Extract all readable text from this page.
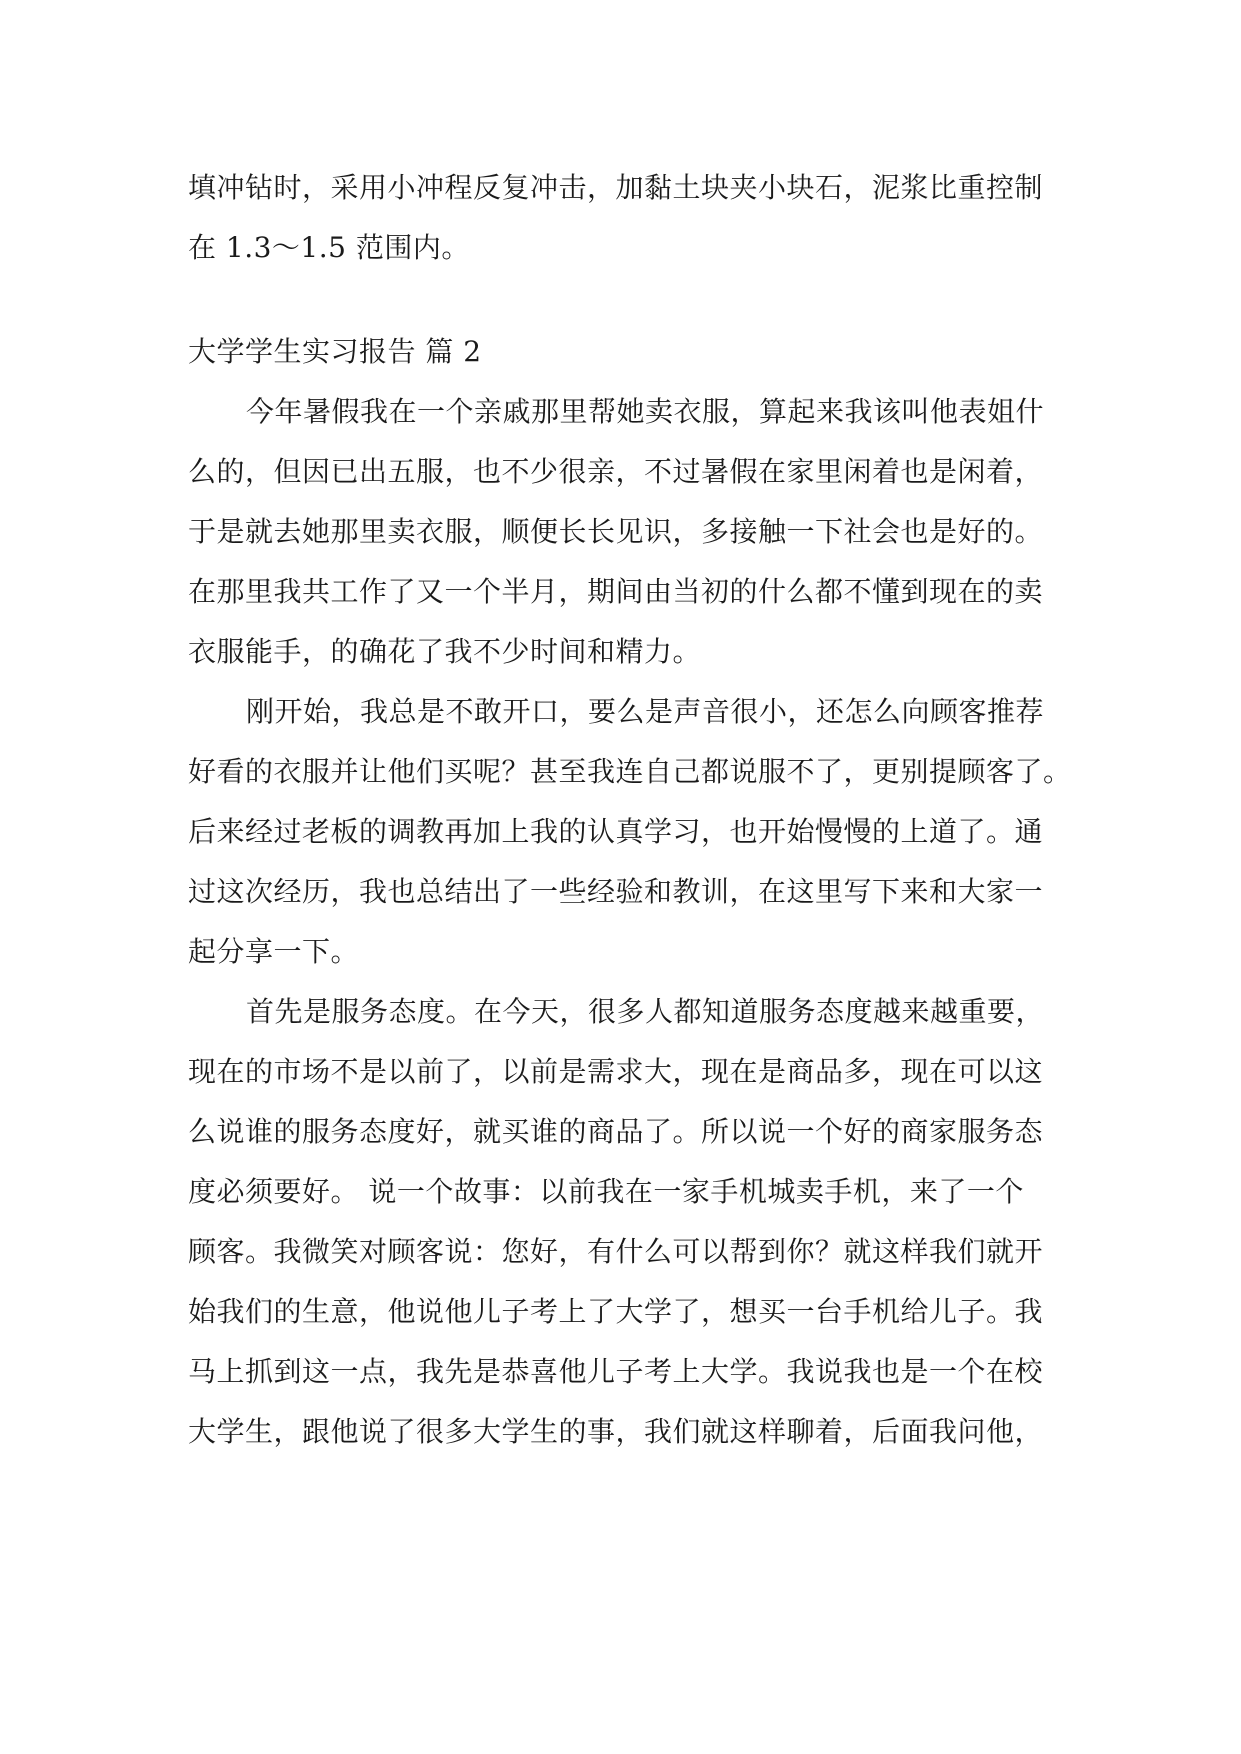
填冲钻时，采用小冲程反复冲击，加黏土块夹小块石，泥浆比重控制
在 1.3～1.5 范围内。
大学学生实习报告 篇 2
今年暑假我在一个亲戚那里帮她卖衣服，算起来我该叫他表姐什
么的，但因已出五服，也不少很亲，不过暑假在家里闲着也是闲着，
于是就去她那里卖衣服，顺便长长见识，多接触一下社会也是好的。
在那里我共工作了又一个半月，期间由当初的什么都不懂到现在的卖
衣服能手，的确花了我不少时间和精力。
刚开始，我总是不敢开口，要么是声音很小，还怎么向顾客推荐
好看的衣服并让他们买呢？甚至我连自己都说服不了，更别提顾客了。
后来经过老板的调教再加上我的认真学习，也开始慢慢的上道了。通
过这次经历，我也总结出了一些经验和教训，在这里写下来和大家一
起分享一下。
首先是服务态度。在今天，很多人都知道服务态度越来越重要，
现在的市场不是以前了，以前是需求大，现在是商品多，现在可以这
么说谁的服务态度好，就买谁的商品了。所以说一个好的商家服务态
度必须要好。 说一个故事：以前我在一家手机城卖手机，来了一个
顾客。我微笑对顾客说：您好，有什么可以帮到你？就这样我们就开
始我们的生意，他说他儿子考上了大学了，想买一台手机给儿子。我
马上抓到这一点，我先是恭喜他儿子考上大学。我说我也是一个在校
大学生，跟他说了很多大学生的事，我们就这样聊着，后面我问他，
